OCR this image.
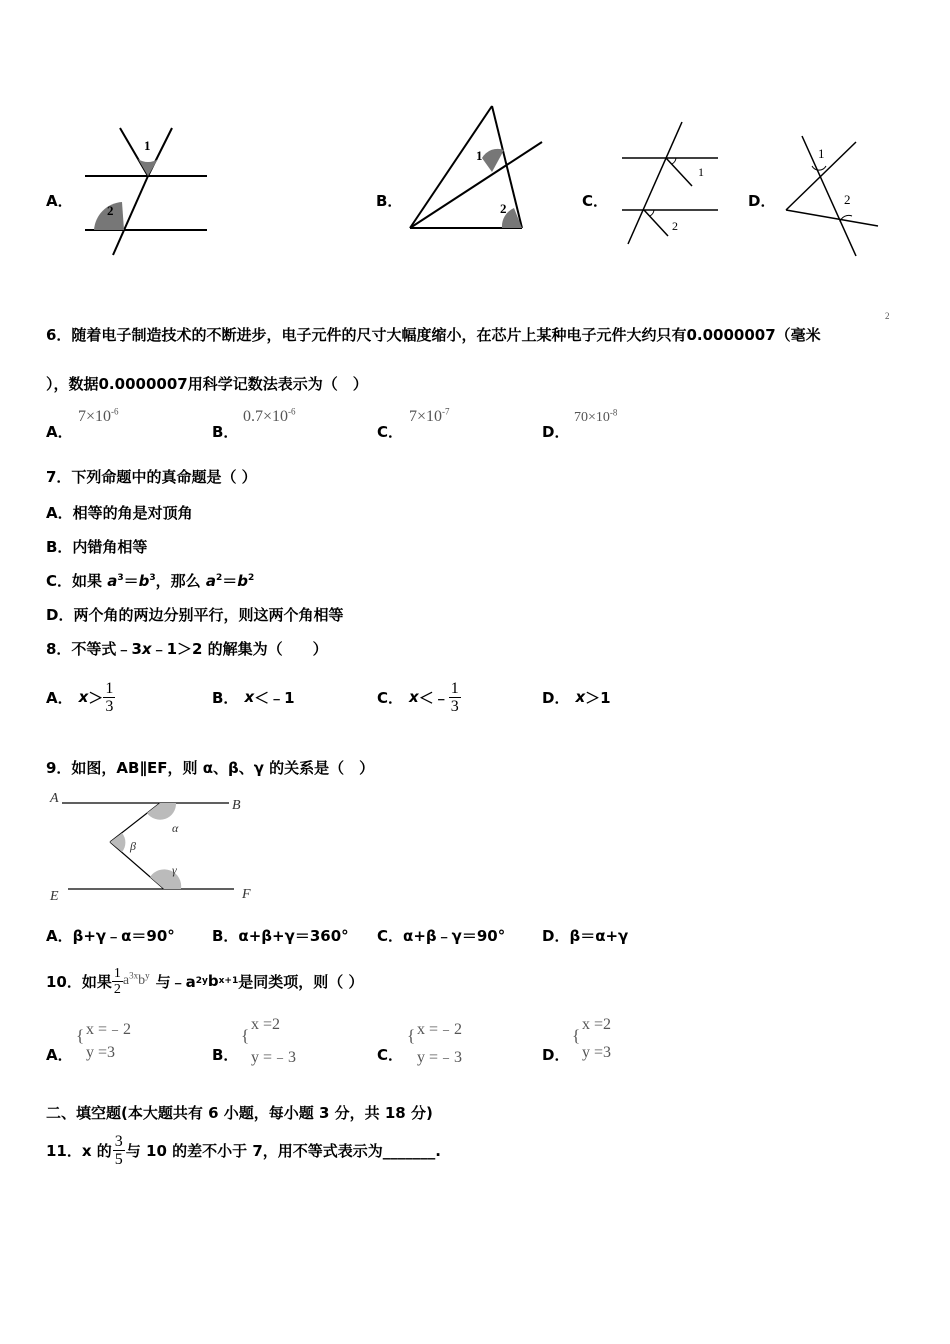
A．
1
2
B．
1
2	C．
1
2
D．
1
2
6．随着电子制造技术的不断进步，电子元件的尺寸大幅度缩小，在芯片上某种电子元件大约只有0.0000007（毫米
2
），数据0.0000007用科学记数法表示为（　）
A．
$7\times 10^{-6}$
B．
$0.7\times 10^{-6}$
C．
$7\times 10^{-7}$
D．
$70\times 10^{-8}$
7．下列命题中的真命题是（ ）
A．相等的角是对顶角
B．内错角相等
C．如果 $a^3=b^3$，那么 $a^2=b^2$
D．两个角的两边分别平行，则这两个角相等
8．不等式﹣3x﹣1＞2 的解集为（　　）
A． $x > \frac{1}{3}$	B． x ＜﹣1	C． x ＜﹣ $\frac{1}{3}$	D． x ＞1
9．如图，AB∥EF，则 α、β、γ 的关系是（　）
A	B
E	F
α
β
γ
A．β+γ﹣α＝90° B．α+β+γ＝360° C．α+β﹣γ＝90° D．β＝α+γ
10．如果 $\frac{1}{2} a^{3x}b^y$ 与﹣a 2y b x+1 是同类项，则（ ）
A．
{ x =﹣2
y =3	B．
{
x =2
y =﹣3	C．
{ x =﹣2
y =﹣3	D．
{
x =2
y =3
二、填空题(本大题共有 6 小题，每小题 3 分，共 18 分)
11．x 的 $\frac{3}{5}$ 与 10 的差不小于 7，用不等式表示为_______.
